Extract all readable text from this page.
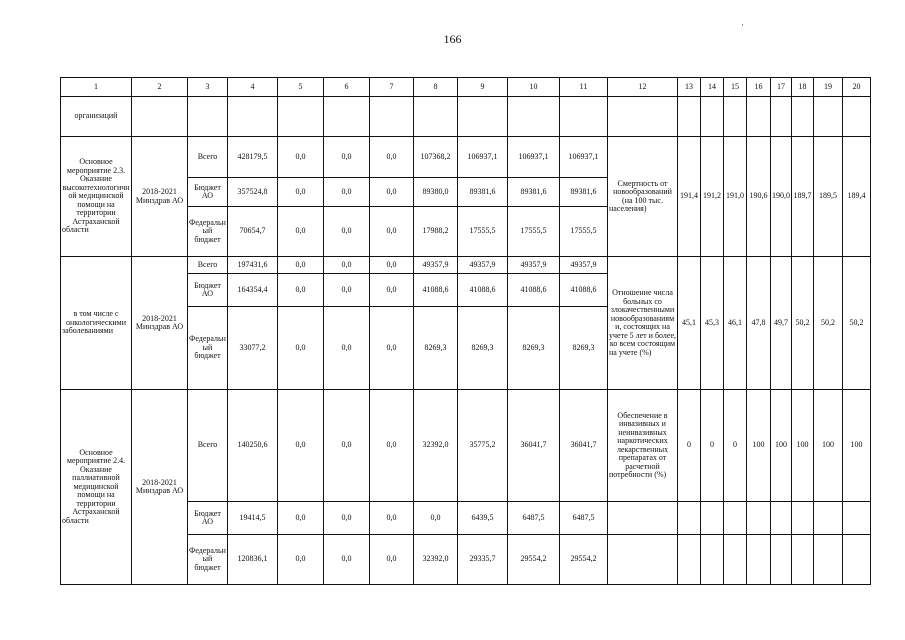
166
·
1	2	3	4	5	6	7	8	9	10	11	12	13	14	15	16	17	18	19	20
организаций																			
Основное мероприятие 2.3. Оказание высокотехнологичной медицинской помощи на территории Астраханской области	2018-2021 Минздрав АО	Всего	428179,5	0,0	0,0	0,0	107368,2	106937,1	106937,1	106937,1	Смертность от новообразований (на 100 тыс. населения)	191,4	191,2	191,0	190,6	190,0	189,7	189,5	189,4
		Бюджет АО	357524,8	0,0	0,0	0,0	89380,0	89381,6	89381,6	89381,6									
		Федеральный бюджет	70654,7	0,0	0,0	0,0	17988,2	17555,5	17555,5	17555,5									
в том числе с онкологическими заболеваниями	2018-2021 Минздрав АО	Всего	197431,6	0,0	0,0	0,0	49357,9	49357,9	49357,9	49357,9	Отношение числа больных со злокачественными новообразованиями, состоящих на учете 5 лет и более, ко всем состоящим на учете (%)	45,1	45,3	46,1	47,8	49,7	50,2	50,2	50,2
		Бюджет АО	164354,4	0,0	0,0	0,0	41088,6	41088,6	41088,6	41088,6									
		Федеральный бюджет	33077,2	0,0	0,0	0,0	8269,3	8269,3	8269,3	8269,3									
Основное мероприятие 2.4. Оказание паллиативной медицинской помощи на территории Астраханской области	2018-2021 Минздрав АО	Всего	140250,6	0,0	0,0	0,0	32392,0	35775,2	36041,7	36041,7	Обеспечение в инвазивных и неинвазивных наркотических лекарственных препаратах от расчетной потребности (%)	0	0	0	100	100	100	100	100
		Бюджет АО	19414,5	0,0	0,0	0,0	0,0	6439,5	6487,5	6487,5									
		Федеральный бюджет	120836,1	0,0	0,0	0,0	32392,0	29335,7	29554,2	29554,2									
